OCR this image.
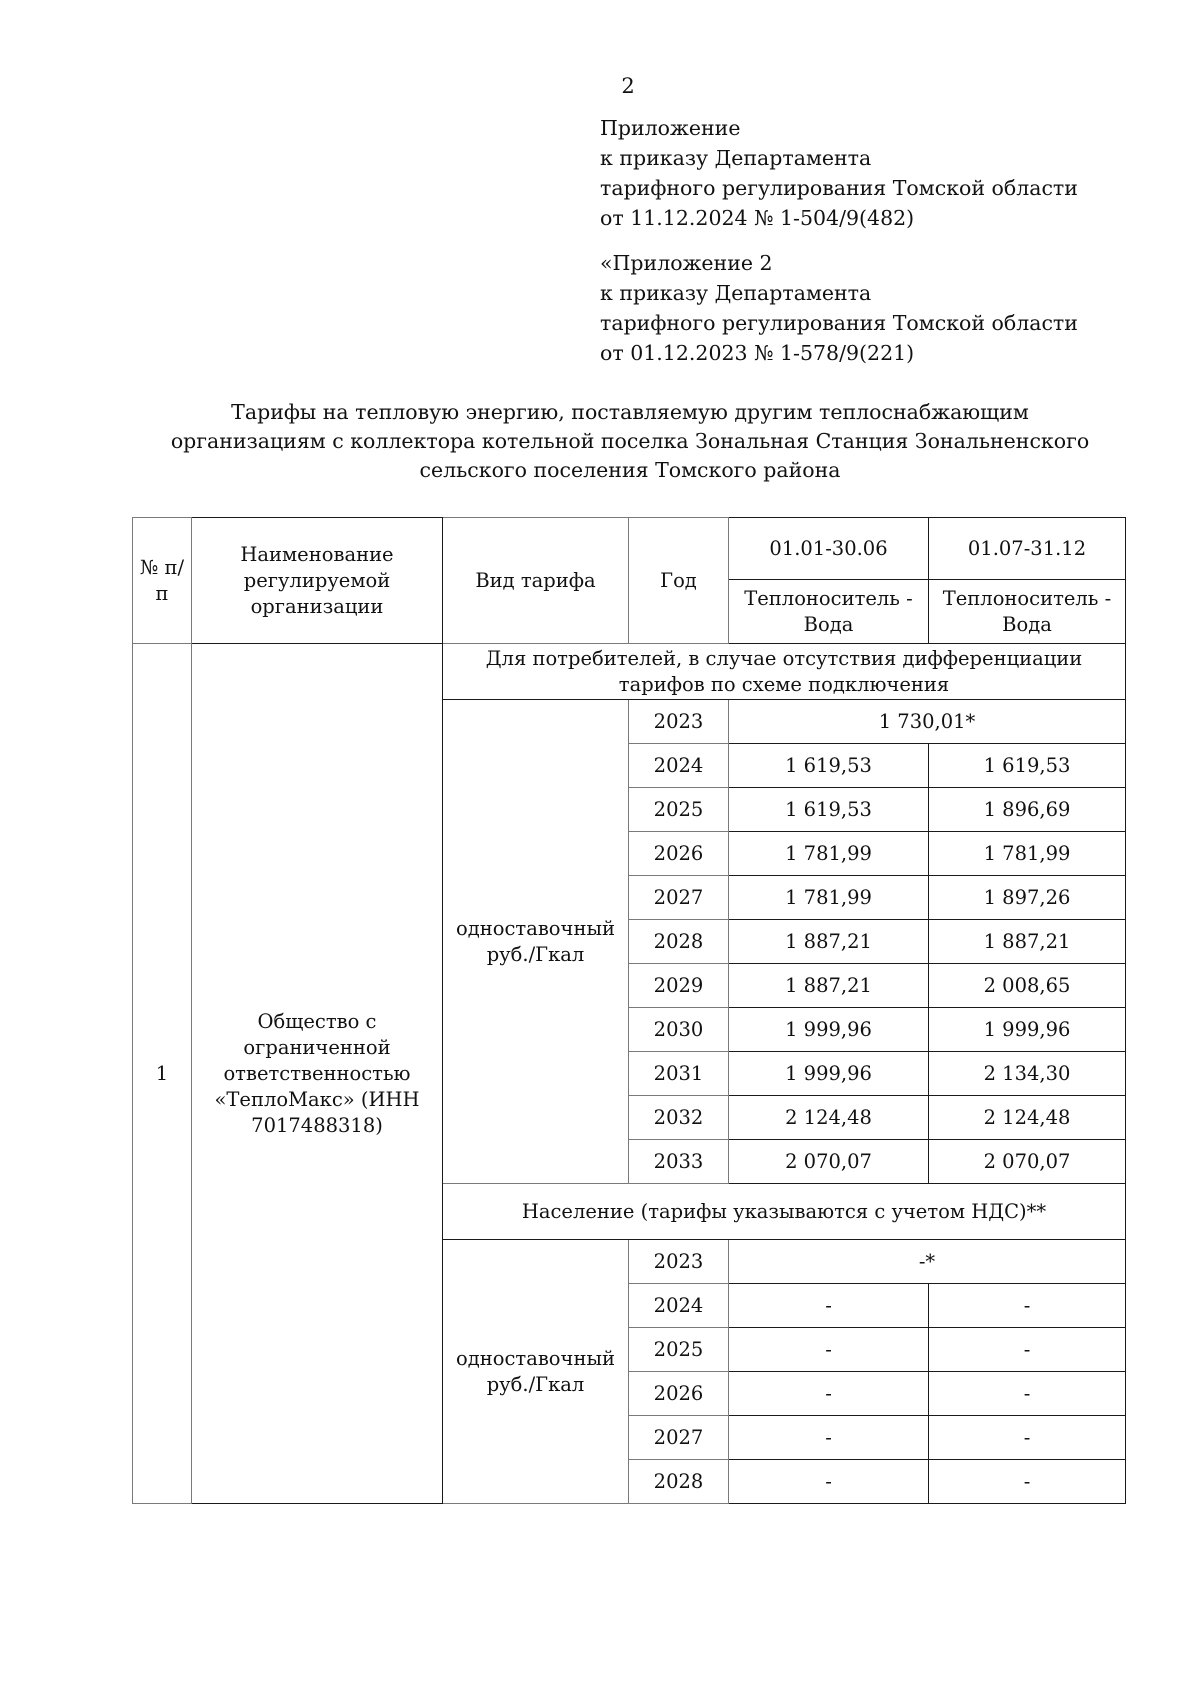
2
Приложение
к приказу Департамента
тарифного регулирования Томской области
от 11.12.2024 № 1-504/9(482)
«Приложение 2
к приказу Департамента
тарифного регулирования Томской области
от 01.12.2023 № 1-578/9(221)
Тарифы на тепловую энергию, поставляемую другим теплоснабжающим
организациям с коллектора котельной поселка Зональная Станция Зональненского
сельского поселения Томского района
№ п/п	Наименование регулируемой организации	Вид тарифа	Год	01.01-30.06	01.07-31.12
				Теплоноситель - Вода	Теплоноситель - Вода
1	Общество с ограниченной ответственностью «ТеплоМакс» (ИНН 7017488318)	Для потребителей, в случае отсутствия дифференциации тарифов по схеме подключения			
		одноставочный руб./Гкал	2023	1 730,01*	
			2024	1 619,53	1 619,53
			2025	1 619,53	1 896,69
			2026	1 781,99	1 781,99
			2027	1 781,99	1 897,26
			2028	1 887,21	1 887,21
			2029	1 887,21	2 008,65
			2030	1 999,96	1 999,96
			2031	1 999,96	2 134,30
			2032	2 124,48	2 124,48
			2033	2 070,07	2 070,07
		Население (тарифы указываются с учетом НДС)**			
		одноставочный руб./Гкал	2023	-*	
			2024	-	-
			2025	-	-
			2026	-	-
			2027	-	-
			2028	-	-
